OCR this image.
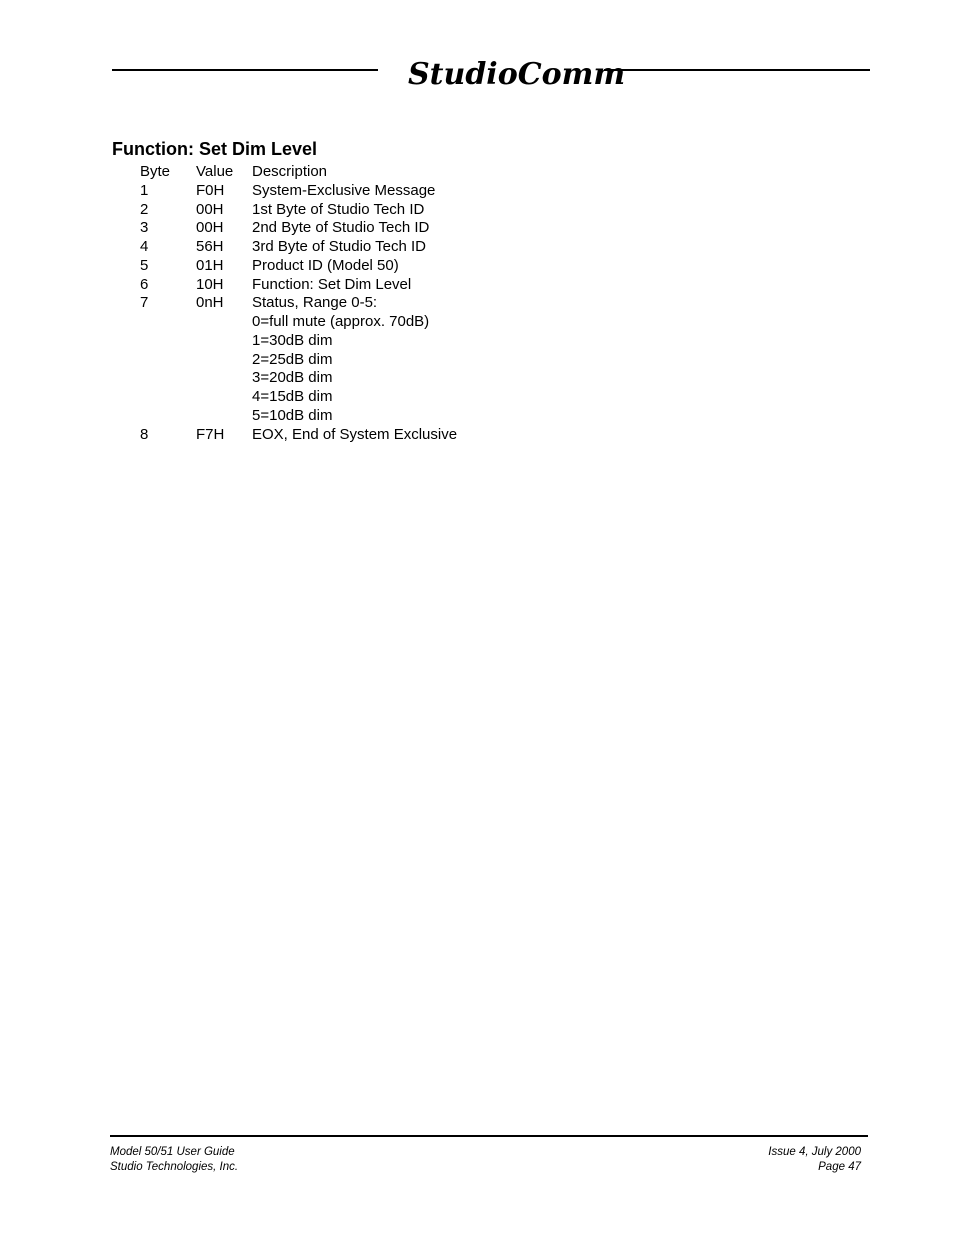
StudioComm
Function: Set Dim Level
Byte	Value	Description
1	F0H	System-Exclusive Message
2	00H	1st Byte of Studio Tech ID
3	00H	2nd Byte of Studio Tech ID
4	56H	3rd Byte of Studio Tech ID
5	01H	Product ID (Model 50)
6	10H	Function: Set Dim Level
7	0nH	Status, Range 0-5:
0=full mute (approx. 70dB)
1=30dB dim
2=25dB dim
3=20dB dim
4=15dB dim
5=10dB dim
8	F7H	EOX, End of System Exclusive
Model 50/51 User Guide
Studio Technologies, Inc.
Issue 4, July 2000
Page 47
